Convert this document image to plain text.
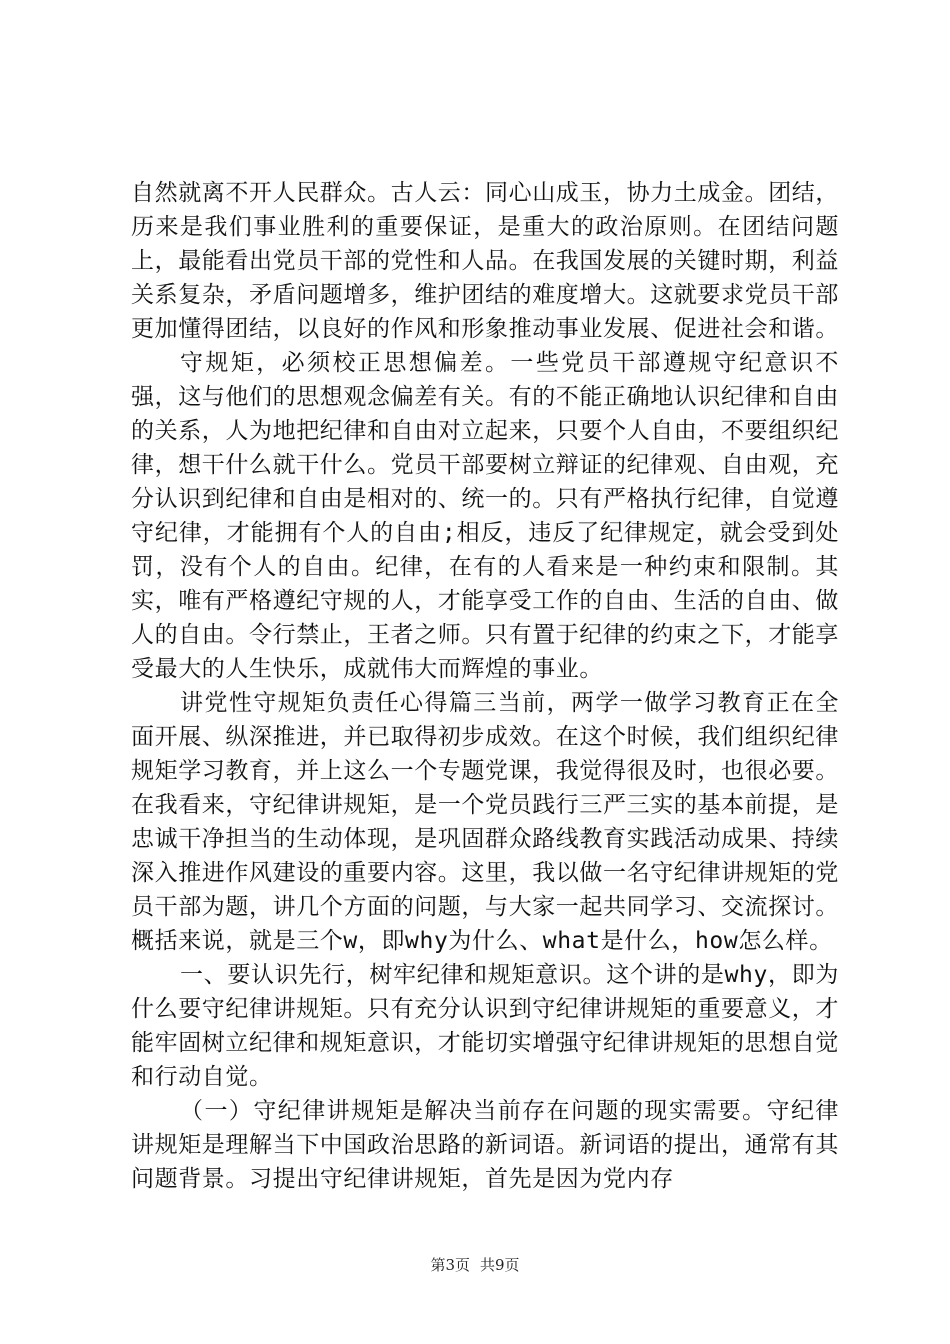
自然就离不开人民群众。古人云：同心山成玉，协力土成金。团结，历来是我们事业胜利的重要保证，是重大的政治原则。在团结问题上，最能看出党员干部的党性和人品。在我国发展的关键时期，利益关系复杂，矛盾问题增多，维护团结的难度增大。这就要求党员干部更加懂得团结，以良好的作风和形象推动事业发展、促进社会和谐。

守规矩，必须校正思想偏差。一些党员干部遵规守纪意识不强，这与他们的思想观念偏差有关。有的不能正确地认识纪律和自由的关系，人为地把纪律和自由对立起来，只要个人自由，不要组织纪律，想干什么就干什么。党员干部要树立辩证的纪律观、自由观，充分认识到纪律和自由是相对的、统一的。只有严格执行纪律，自觉遵守纪律，才能拥有个人的自由;相反，违反了纪律规定，就会受到处罚，没有个人的自由。纪律，在有的人看来是一种约束和限制。其实，唯有严格遵纪守规的人，才能享受工作的自由、生活的自由、做人的自由。令行禁止，王者之师。只有置于纪律的约束之下，才能享受最大的人生快乐，成就伟大而辉煌的事业。

讲党性守规矩负责任心得篇三当前，两学一做学习教育正在全面开展、纵深推进，并已取得初步成效。在这个时候，我们组织纪律规矩学习教育，并上这么一个专题党课，我觉得很及时，也很必要。在我看来，守纪律讲规矩，是一个党员践行三严三实的基本前提，是忠诚干净担当的生动体现，是巩固群众路线教育实践活动成果、持续深入推进作风建设的重要内容。这里，我以做一名守纪律讲规矩的党员干部为题，讲几个方面的问题，与大家一起共同学习、交流探讨。概括来说，就是三个w，即why为什么、what是什么，how怎么样。

一、要认识先行，树牢纪律和规矩意识。这个讲的是why，即为什么要守纪律讲规矩。只有充分认识到守纪律讲规矩的重要意义，才能牢固树立纪律和规矩意识，才能切实增强守纪律讲规矩的思想自觉和行动自觉。

（一）守纪律讲规矩是解决当前存在问题的现实需要。守纪律讲规矩是理解当下中国政治思路的新词语。新词语的提出，通常有其问题背景。习提出守纪律讲规矩，首先是因为党内存

第3页 共9页
